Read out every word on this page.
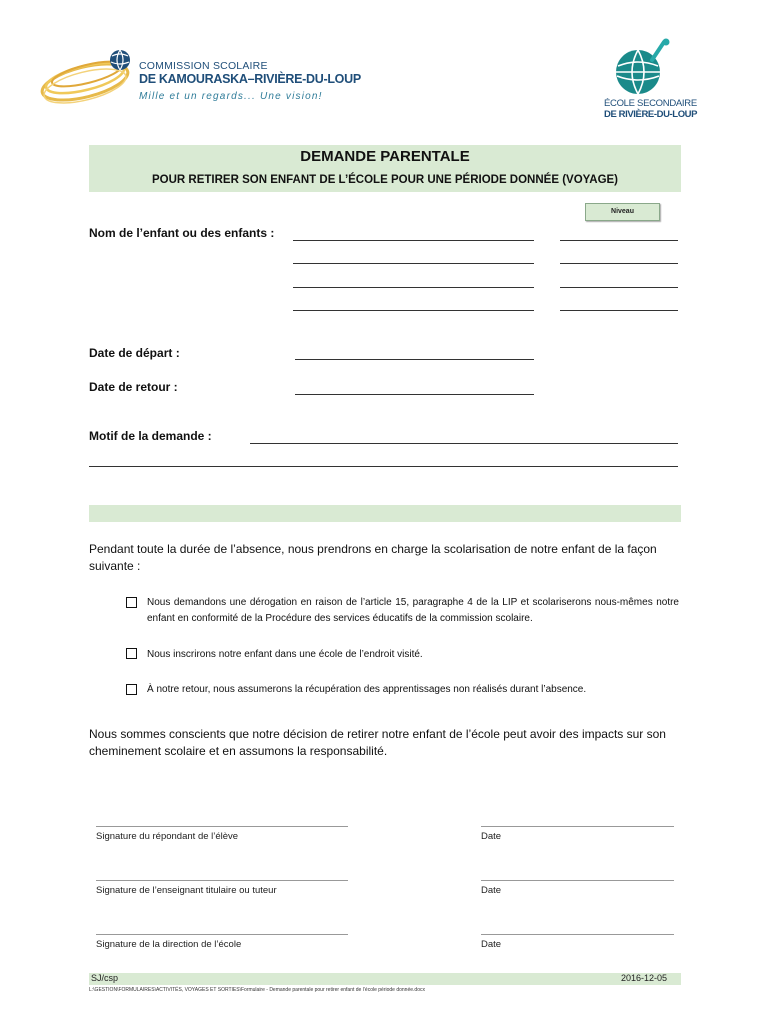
COMMISSION SCOLAIRE
DE KAMOURASKA–RIVIÈRE-DU-LOUP
Mille et un regards... Une vision!
ÉCOLE SECONDAIRE
DE RIVIÈRE-DU-LOUP
DEMANDE PARENTALE
POUR RETIRER SON ENFANT DE L’ÉCOLE POUR UNE PÉRIODE DONNÉE (VOYAGE)
Niveau
Nom de l’enfant ou des enfants :
Date de départ :
Date de retour :
Motif de la demande :
Pendant toute la durée de l’absence, nous prendrons en charge la scolarisation de notre enfant de la façon suivante :
Nous demandons une dérogation en raison de l’article 15, paragraphe 4 de la LIP et scolariserons nous-mêmes notre enfant en conformité de la Procédure des services éducatifs de la commission scolaire.
Nous inscrirons notre enfant dans une école de l’endroit visité.
À notre retour, nous assumerons la récupération des apprentissages non réalisés durant l’absence.
Nous sommes conscients que notre décision de retirer notre enfant de l’école peut avoir des impacts sur son cheminement scolaire et en assumons la responsabilité.
Signature du répondant de l’élève	Date
Signature de l’enseignant titulaire ou tuteur	Date
Signature de la direction de l’école	Date
SJ/csp	2016-12-05
L:\GESTION\FORMULAIRES\ACTIVITÉS, VOYAGES ET SORTIES\Formulaire - Demande parentale pour retirer enfant de l’école période donnée.docx
